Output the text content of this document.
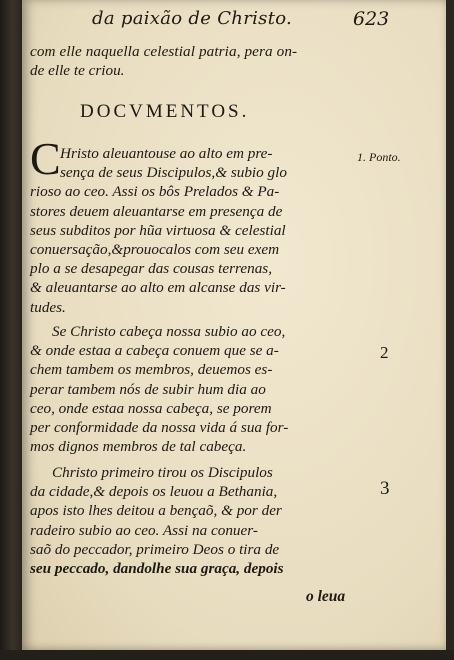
da paixão de Christo.	623
com elle naquella celestial patria, pera on-
de elle te criou.
DOCVMENTOS.
C Hristo aleuantouse ao alto em pre-
sença de seus Discipulos,& subio glo
rioso ao ceo. Assi os bôs Prelados & Pa-
stores deuem aleuantarse em presença de
seus subditos por hũa virtuosa & celestial
conuersação,&prouocalos com seu exem
plo a se desapegar das cousas terrenas,
& aleuantarse ao alto em alcanse das vir-
tudes.
Se Christo cabeça nossa subio ao ceo,
& onde estaa a cabeça conuem que se a-
chem tambem os membros, deuemos es-
perar tambem nós de subir hum dia ao
ceo, onde estaa nossa cabeça, se porem
per conformidade da nossa vida á sua for-
mos dignos membros de tal cabeça.
Christo primeiro tirou os Discipulos
da cidade,& depois os leuou a Bethania,
apos isto lhes deitou a bençaõ, & por der
radeiro subio ao ceo. Assi na conuer-
saõ do peccador, primeiro Deos o tira de
seu peccado, dandolhe sua graça, depois
o leua
1. Ponto.
2
3
